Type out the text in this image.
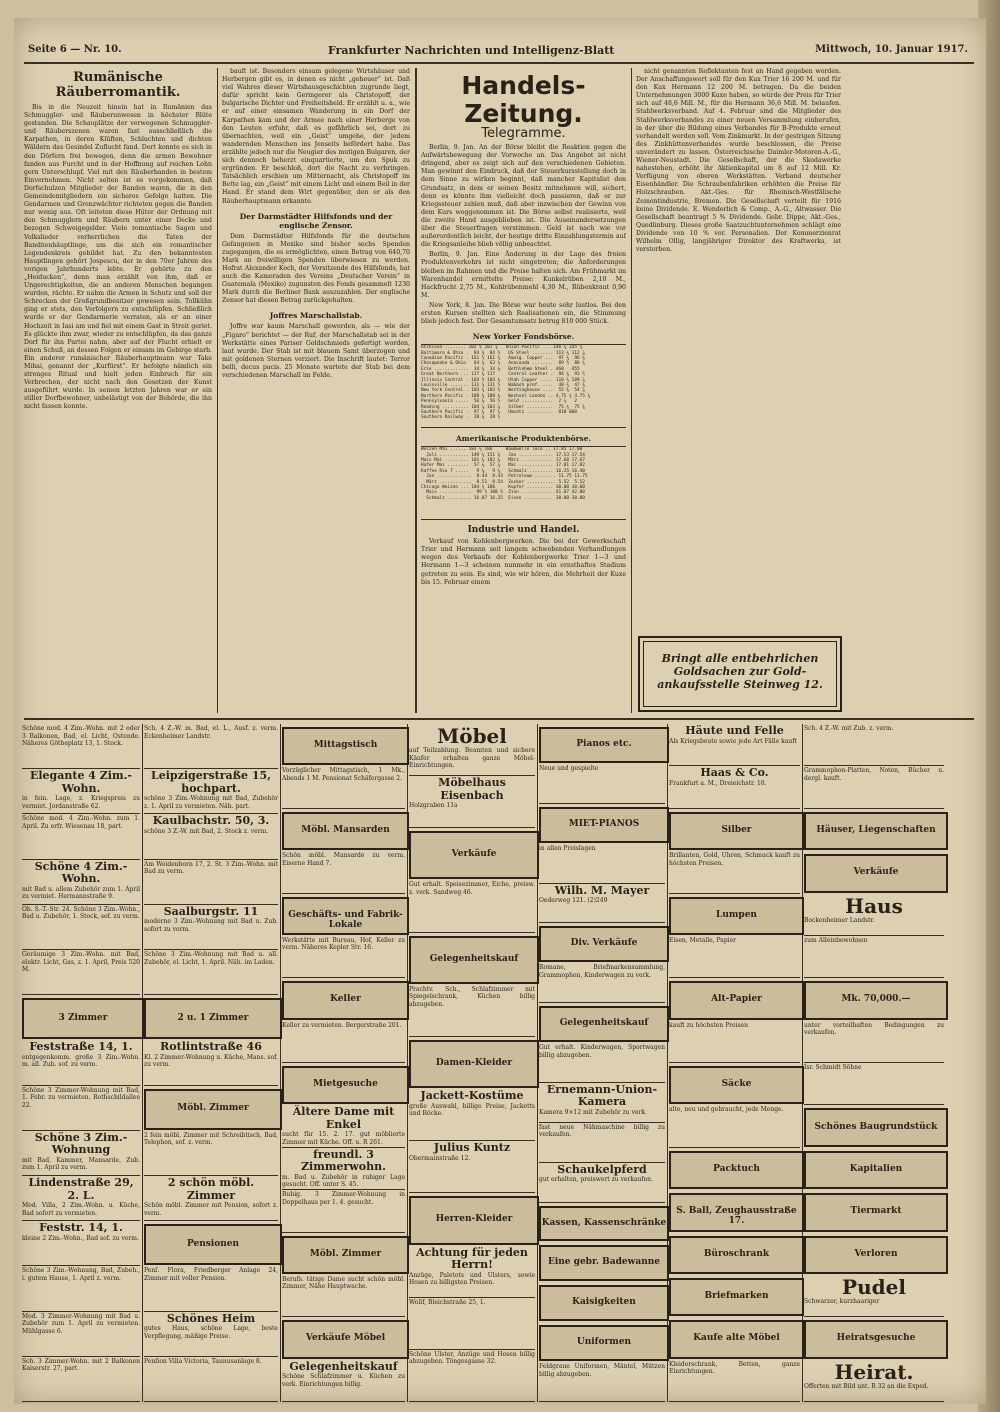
Seite 6 — Nr. 10.	Frankfurter Nachrichten und Intelligenz-Blatt	Mittwoch, 10. Januar 1917.
Rumänische Räuberromantik.

Bis in die Neuzeit hinein hat in Rumänien das Schmuggler- und Räuberunwesen in höchster Blüte gestanden. Die Schauplätze der verwegenen Schmuggler- und Räuberszenen waren fast ausschließlich die Karpathen, in deren Klüften, Schluchten und dichten Wäldern das Gesindel Zuflucht fand. Dort konnte es sich in den Dörfern frei bewegen, denn die armen Bewohner fanden aus Furcht und in der Hoffnung auf reichen Lohn gern Unterschlupf. Viel mit den Räuberbanden in bestem Einvernehmen. Nicht selten ist es vorgekommen, daß Dorfschulzen Mitglieder der Banden waren, die in den Gemeindemitgliedern ein sicheres Gefolge hatten. Die Gendarmen und Grenzwächter richteten gegen die Banden nur wenig aus. Oft leiteten diese Hüter der Ordnung mit den Schmugglern und Räubern unter einer Decke und bezogen Schweigegelder. Viele romantische Sagen und Volkslieder verherrlichen die Taten der Banditenhäuptlinge, um die sich ein romantischer Legendenkreis gebildet hat. Zu den bekanntesten Hauptlingen gehört Jospescu, der in den 70er Jahren des vorigen Jahrhunderts lebte. Er gehörte zu den „Heiducken“, denn man erzählt von ihm, daß er Ungerechtigkeiten, die an anderen Menschen begangen wurden, rächte. Er nahm die Armen in Schutz und soll der Schrecken der Großgrundbesitzer gewesen sein. Tollkühn ging er stets, den Verfolgern zu entschlüpfen. Schließlich wurde er der Gendarmerie verraten, als er an einer Hochzeit in Iasi am und fiel mit einem Gast in Streit geriet. Es glückte ihm zwar, wieder zu entschlüpfen, da das ganze Dorf für ihn Partei nahm, aber auf der Flucht erhielt er einen Schuß, an dessen Folgen er einsam im Gebirge starb. Ein anderer rumänischer Räuberhauptmann war Take Mihai, genannt der „Kurfürst“. Er befolgte nämlich ein strenges Ritual und hielt jeden Einbruch für ein Verbrechen, der nicht nach den Gesetzen der Kunst ausgeführt wurde. In seinen letzten Jahren war er ein stiller Dorfbewohner, unbelästigt von der Behörde, die ihn nicht fassen konnte.

bauft ist. Besonders einsam gelegene Wirtshäuser und Herbergen gibt es, in denen es nicht „geheuer“ ist. Daß viel Wahres dieser Wirtshausgeschichten zugrunde liegt, dafür spricht kein Geringerer als Christopoff, der bulgarische Dichter und Freiheitsheld. Er erzählt u. a., wie er auf einer einsamen Wanderung in ein Dorf der Karpathen kam und der Armee nach einer Herberge von den Leuten erfuhr, daß es gefährlich sei, dort zu übernachten, weil ein „Geist“ umgehe, der jedem wandernden Menschen ins Jenseits befördert habe. Das erzählte jedoch nur die Neugier des mutigen Bulgaren, der sich dennoch beherzt einquartierte, um den Spuk zu ergründen. Er beschloß, dort die Nacht zu verbringen. Tatsächlich erschien um Mitternacht, als Christopoff im Bette lag, ein „Geist“ mit einem Licht und einem Beil in der Hand. Er stand dem Wirt gegenüber, den er als den Räuberhauptmann erkannte.

Der Darmstädter Hilfsfonds und der englische Zensor.

Dem Darmstädter Hilfsfonds für die deutschen Gefangenen in Mexiko sind bisher sechs Spenden zugegangen, die es ermöglichten, einen Betrag von 640,70 Mark an freiwilligen Spenden überwiesen zu werden. Hofrat Alexander Koch, der Vorsitzende des Hilfsfonds, bat auch die Kameraden des Vereins „Deutscher Verein“ in Guatemala (Mexiko) zugunsten des Fonds gesammelt 1230 Mark durch die Berliner Bank auszuzahlen. Der englische Zensor hat diesen Betrag zurückgehalten.

Joffres Marschallstab.

Joffre war kaum Marschall geworden, als — wie der „Figaro“ berichtet — der Ruf, der Marschallstab sei in der Werkstätte eines Pariser Goldschmieds gefertigt worden, laut wurde. Der Stab ist mit blauem Samt überzogen und mit goldenen Sternen verziert. Die Inschrift lautet: Terror belli, decus pacis. 25 Monate wartete der Stab bei dem verschiedenen Marschall im Felde.

Handels-Zeitung.
Telegramme.

Berlin, 9. Jan. An der Börse bleibt die Reaktion gegen die Aufwärtsbewegung der Vorwoche an. Das Angebot ist nicht dringend, aber es zeigt sich auf den verschiedenen Gebieten. Man gewinnt den Eindruck, daß der Steuerkursstellung doch in dem Sinne zu wirken beginnt, daß mancher Kapitalist den Grundsatz, in dem er seinen Besitz mitnehmen will, sichert, denn es könnte ihm vielleicht doch passieren, daß er zur Kriegssteuer zahlen muß, daß aber inzwischen der Gewinn von dem Kurs weggenommen ist. Die Börse selbst realisierte, weil die zweite Hand ausgeblieben ist. Die Auseinandersetzungen über die Steuerfragen verstimmen. Geld ist nach wie vor außerordentlich leicht, der heutige dritte Einzahlungstermin auf die Kriegsanleihe blieb völlig unbeachtet.

Berlin, 9. Jan. Eine Änderung in der Lage des freien Produktenverkehrs ist nicht eingetreten; die Anforderungen bleiben im Rahmen und die Preise halten sich. Am Frühmarkt im Warenhandel ermittelte Preise: Kunkelrüben 2,10 M., Hackfrucht 2,75 M., Kohlrübenmehl 4,30 M., Rübenkraut 0,90 M.

New York, 8. Jan. Die Börse war heute sehr lustlos. Bei den ersten Kursen stellten sich Realisationen ein, die Stimmung blieb jedoch fest. Der Gesamtumsatz betrug 810 000 Stück.

New Yorker Fondsbörse.
Atchison ........ 102 ½ 101 ¾   Union Pacific ... 146 ⅛ 145 ¾
Baltimore & Ohio .  84 ¾  84 ½   US Steel ........ 113 ¼ 112 ⅞
Canadian Pacific . 161 ½ 161 ¾   Amalg. Copper ...  97 ¼  96 ⅝
Chesapeake & Ohio   64 ⅛  63 ¾   Anaconda ........  89 ½  88 ¾
Erie .............  34 ⅝  34 ¼   Bethlehem Steel . 460   455
Great Northern ... 117 ¼ 117     Central Leather .  94 ⅛  93 ½
Illinois Central . 104 ½ 104 ¼   Utah Copper ..... 110 ¾ 109 ⅞
Louisville ....... 131 ¾ 131 ½   Wabash pref. ....  48 ¼  47 ¾
New York Central . 103 ¾ 103 ½   Westinghouse ....  55 ⅝  54 ⅞
Northern Pacific . 108 ⅝ 108 ¼   Wechsel London .. 4.75 ¾ 4.75 ¾
Pennsylvania .....  56 ⅝  56 ½   Geld ............  2 ¼   2
Reading .......... 104 ⅞ 103 ⅞   Silber ..........  75 ¼  75 ⅜
Southern Pacific .  97 ⅝  97 ¼   Umsatz ..........  810 000
Southern Railway .  28 ⅝  28 ½

Amerikanische Produktenbörse.
Weizen Mai ...... 183 ¼ 186     Baumwolle loco .. 17.85 17.80
Juli ........... 149 ⅝ 151 ⅝   Jan ............. 17.53 17.54
Mais Mai ......... 101 ⅝ 102 ⅝   März ............ 17.60 17.67
Hafer Mai ........  57 ⅛  57 ⅞   Mai ............. 17.81 17.82
Kaffee Rio 7 .....   9 ⅜   9 ⅜   Schmalz ......... 16.25 16.40
Jan .............  8.44  8.43  Petroleum ........ 11.75 11.75
März ............  8.51  8.54  Zucker ........... 5.52  5.52
Chicago Weizen ... 184 ¾ 186     Kupfer .......... 30.00 30.00
Mais ............  99 ½ 100 ½  Zinn ............ 41.87 42.00
Schmalz ......... 16.07 16.25  Eisen ........... 30.00 30.00

Industrie und Handel.

Verkauf von Kohlenbergwerken. Die bei der Gewerkschaft Trier und Hermann seit langem schwebenden Verhandlungen wegen des Verkaufs der Kohlenbergwerke Trier 1—3 und Hermann 1—3 scheinen nunmehr in ein ernsthaftes Stadium getreten zu sein. Es sind, wie wir hören, die Mehrheit der Kuxe bis 15. Februar einem

nicht genannten Reflektanten fest an Hand gegeben worden. Der Anschaffungswert soll für den Kux Trier 16 200 M. und für den Kux Hermann 12 200 M. betragen. Da die beiden Unternehmungen 3000 Kuxe haben, so würde der Preis für Trier sich auf 48,6 Mill. M., für die Hermann 36,6 Mill. M. belaufen. Stahlwerksverband. Auf 4. Februar sind die Mitglieder des Stahlwerksverbandes zu einer neuen Versammlung einberufen, in der über die Bildung eines Verbandes für B-Produkte erneut verhandelt werden soll. Vom Zinkmarkt. In der gestrigen Sitzung des Zinkhüttenverbandes wurde beschlossen, die Preise unverändert zu lassen. Österreichische Daimler-Motoren-A.-G., Wiener-Neustadt. Die Gesellschaft, der die Skodawerke nahestehen, erhöht ihr Aktienkapital um 8 auf 12 Mill. Kr. Verfügung von oberen Werkstätten. Verband deutscher Eisenhändler. Die Schraubenfabriken erhöhten die Preise für Holzschrauben. Akt.-Ges. für Rheinisch-Westfälische Zementindustrie, Bremen. Die Gesellschaft verteilt für 1916 keine Dividende. E. Wenderlich & Comp., A.-G., Altwasser. Die Gesellschaft beantragt 5 % Dividende. Gebr. Dippe, Akt.-Ges., Quedlinburg. Dieses große Saatzuchtunternehmen schlägt eine Dividende von 10 % vor. Personalien. Der Kommerzienrat Wilhelm Ollig, langjähriger Direktor des Kraftwerks, ist verstorben.

Bringt alle entbehrlichen
Goldsachen zur Gold-
ankaufsstelle Steinweg 12.
Schöne mod. 4 Zim.-Wohn. mit 2 oder 3 Balkonen, Bad, el. Licht, Ostende. Näheres Götheplatz 13, 1. Stock.
Elegante 4 Zim.-Wohn.
in fein. Lage, z. Kriegspreis zu vermiet. Jordanstraße 62.
Schöne mod. 4 Zim.-Wohn. zum 1. April. Zu erfr. Wiesenau 18, part.
Schöne 4 Zim.-Wohn.
mit Bad u. allem Zubehör zum 1. April zu vermiet. Hermannstraße 9.
Ob. S.-T.-Str. 24. Schöne 3 Zim.-Wohn., Bad u. Zubehör, 1. Stock, sof. zu verm.
Geräumige 3 Zim.-Wohn. mit Bad, elektr. Licht, Gas, z. 1. April, Preis 520 M.
3 Zimmer
Feststraße 14, 1.
entgegenkomm. große 3 Zim.-Wohn. m. all. Zub. sof. zu verm.
Schöne 3 Zimmer-Wohnung mit Bad, 1. Febr. zu vermieten. Rothschildallee 22.
Schöne 3 Zim.-Wohnung
mit Bad, Kammer, Mansarde, Zub. zum 1. April zu verm.
Lindenstraße 29, 2. L.
Mod. Villa, 2 Zim.-Wohn. u. Küche, Bad sofort zu vermieten.
Feststr. 14, 1.
kleine 2 Zim.-Wohn., Bad sof. zu verm.
Schöne 3 Zim.-Wohnung, Bad, Zubeh., i. gutem Hause, 1. April z. verm.
Mod. 3 Zimmer-Wohnung mit Bad u. Zubehör zum 1. April zu vermieten. Mühlgasse 6.
Sch. 3 Zimmer-Wohn. mit 2 Balkonen Kaiserstr. 27, part.
Sch. 4 Z.-W. m. Bad, el. L., Ausf. z. verm. Eckenheimer Landstr.
Leipzigerstraße 15, hochpart.
schöne 3 Zim.-Wohnung mit Bad, Zubehör z. 1. April zu vermieten. Näh. part.
Kaulbachstr. 50, 3.
schöne 3 Z.-W. mit Bad, 2. Stock z. verm.
Am Weidenborn 17, 2. St. 3 Zim.-Wohn. mit Bad zu verm.
Saalburgstr. 11
moderne 3 Zim.-Wohnung mit Bad u. Zub. sofort zu verm.
Schöne 3 Zim.-Wohnung mit Bad u. all. Zubehör, el. Licht, 1. April. Näh. im Laden.
2 u. 1 Zimmer
Rotlintstraße 46
Kl. 2 Zimmer-Wohnung u. Küche, Mans. sof. zu verm.
Möbl. Zimmer
2 fein möbl. Zimmer mit Schreibtisch, Bad, Telephon, sof. z. verm.
2 schön möbl. Zimmer
Schön möbl. Zimmer mit Pension, sofort z. verm.
Pensionen
Penſ. Flora, Friedberger Anlage 24, Zimmer mit voller Pension.
Schönes Heim
gutes Haus, schöne Lage, beste Verpflegung, mäßige Preise.
Penſion Villa Victoria, Taunusanlage 8.
Mittagstisch
Vorzüglicher Mittagstisch, 1 Mk., Abends 1 M. Pensionat Schäfergasse 2.
Möbl. Mansarden
Schön möbl. Mansarde zu verm. Eiserne Hand 7.
Geschäfts- und Fabrik-Lokale
Werkstätte mit Bureau, Hof, Keller zu verm. Näheres Kepler Str. 16.
Keller
Keller zu vermieten. Bergerstraße 201.
Mietgesuche
Ältere Dame mit Enkel
sucht für 15. 2. 17. gut möblierte Zimmer mit Küche. Off. u. R 261.
freundl. 3 Zimmerwohn.
m. Bad u. Zubehör in ruhiger Lage gesucht. Off. unter S. 45.
Ruhig. 3 Zimmer-Wohnung in Doppelhaus per 1. 4. gesucht.
Möbl. Zimmer
Berufs. tätige Dame sucht schön möbl. Zimmer, Nähe Hauptwache.
Verkäufe Möbel
Gelegenheitskauf
Schöne Schlafzimmer u. Küchen zu verk. Einrichtungen billig.
Möbel
auf Teilzahlung. Beamten und sichere Käufer erhalten ganze Möbel-Einrichtungen.
Möbelhaus Eisenbach
Holzgraben 11a
Verkäufe
Gut erhalt. Speisezimmer, Eiche, preisw. z. verk. Sandweg 46.
Gelegenheitskauf
Prachtv. Sch., Schlafzimmer mit Spiegelschrank, Küchen billig abzugeben.
Damen-Kleider
Jackett-Kostüme
große Auswahl, billige Preise, Jacketts und Röcke.
Julius Kuntz
Obermainstraße 12.
Herren-Kleider
Achtung für jeden Herrn!
Anzüge, Paletots und Ulsters, sowie Hosen zu billigsten Preisen.
Wollf, Bleichstraße 25, 1.
Schöne Ulster, Anzüge und Hosen billig abzugeben. Töngesgasse 32.
Pianos etc.
Neue und gespielte
MIET-PIANOS
in allen Preislagen
Wilh. M. Mayer
Oederweg 121. (2)249
Div. Verkäufe
Romane, Briefmarkensammlung, Grammophon, Kinderwagen zu verk.
Gelegenheitskauf
Gut erhalt. Kinderwagen, Sportwagen billig abzugeben.
Ernemann-Union-Kamera
Kamera 9×12 mit Zubehör zu verk.
fast neue Nähmaschine billig zu verkaufen.
Schaukelpferd
gut erhalten, preiswert zu verkaufen.
Kassen, Kassenschränke
Eine gebr. Badewanne
Kaisigkeiten
Uniformen
Feldgraue Uniformen, Mäntel, Mützen billig abzugeben.
Häute und Felle
Als Kriegsbeute sowie jede Art Fälle kauft
Haas & Co.
Frankfurt a. M., Dreieichstr. 10.
Silber
Brillanten, Gold, Uhren, Schmuck kauft zu höchsten Preisen.
Lumpen
Eisen, Metalle, Papier
Alt-Papier
kauft zu höchsten Preisen
Säcke
alte, neu und gebraucht, jede Menge.
Packtuch
S. Ball, Zeughausstraße 17.
Büroschrank
Briefmarken
Kaufe alte Möbel
Kleiderschrank, Betten, ganze Einrichtungen.
Sch. 4 Z.-W. mit Zub. z. verm.
Grammophon-Platten, Noten, Bücher u. dergl. kauft.
Häuser, Liegenschaften
Verkäufe
Haus
Bockenheimer Landstr.
zum Alleinbewohnen
Mk. 70,000.—
unter vorteilhaften Bedingungen zu verkaufen.
Isr. Schmidt Söhne
Schönes Baugrundstück
Kapitalien
Tiermarkt
Verloren
Pudel
Schwarzer, kurzhaariger
Heiratsgesuche
Heirat.
Offerten mit Bild unt. R 32 an die Exped.
